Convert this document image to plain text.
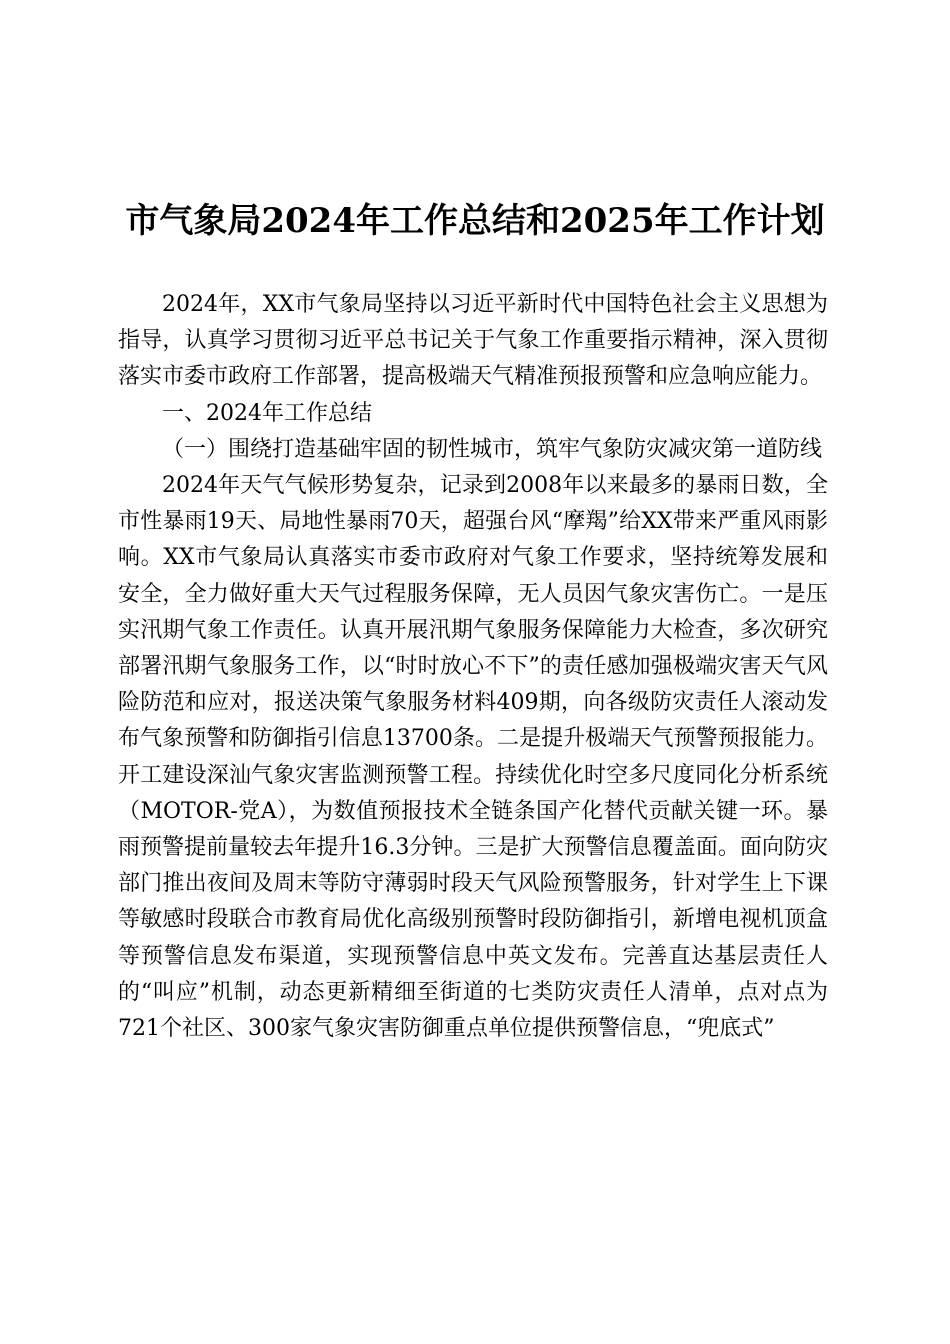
市气象局2024年工作总结和2025年工作计划

2024年，XX市气象局坚持以习近平新时代中国特色社会主义思想为指导，认真学习贯彻习近平总书记关于气象工作重要指示精神，深入贯彻落实市委市政府工作部署，提高极端天气精准预报预警和应急响应能力。

一、2024年工作总结

（一）围绕打造基础牢固的韧性城市，筑牢气象防灾减灾第一道防线

2024年天气气候形势复杂，记录到2008年以来最多的暴雨日数，全市性暴雨19天、局地性暴雨70天，超强台风“摩羯”给XX带来严重风雨影响。XX市气象局认真落实市委市政府对气象工作要求，坚持统筹发展和安全，全力做好重大天气过程服务保障，无人员因气象灾害伤亡。一是压实汛期气象工作责任。认真开展汛期气象服务保障能力大检查，多次研究部署汛期气象服务工作，以“时时放心不下”的责任感加强极端灾害天气风险防范和应对，报送决策气象服务材料409期，向各级防灾责任人滚动发布气象预警和防御指引信息13700条。二是提升极端天气预警预报能力。开工建设深汕气象灾害监测预警工程。持续优化时空多尺度同化分析系统（MOTOR-党A），为数值预报技术全链条国产化替代贡献关键一环。暴雨预警提前量较去年提升16.3分钟。三是扩大预警信息覆盖面。面向防灾部门推出夜间及周末等防守薄弱时段天气风险预警服务，针对学生上下课等敏感时段联合市教育局优化高级别预警时段防御指引，新增电视机顶盒等预警信息发布渠道，实现预警信息中英文发布。完善直达基层责任人的“叫应”机制，动态更新精细至街道的七类防灾责任人清单，点对点为721个社区、300家气象灾害防御重点单位提供预警信息，“兜底式”
